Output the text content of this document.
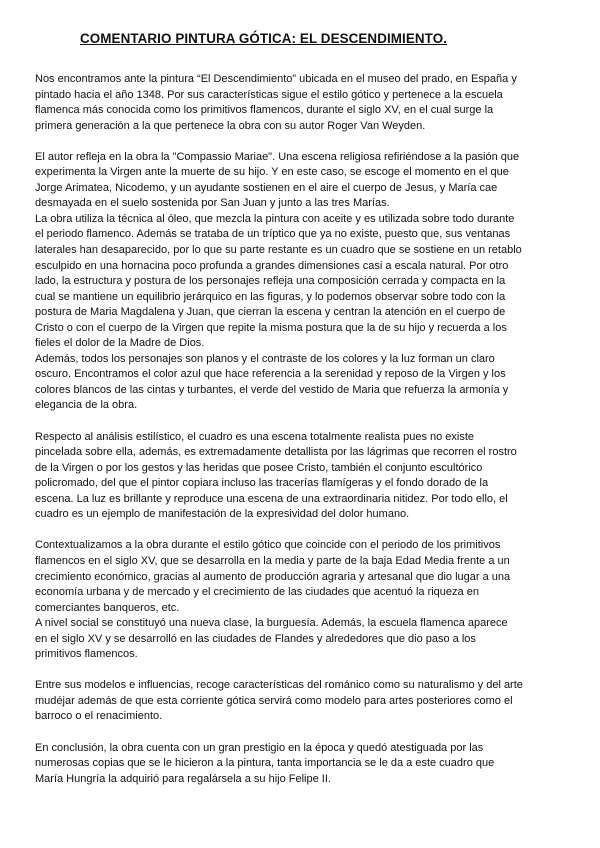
COMENTARIO PINTURA GÓTICA: EL DESCENDIMIENTO.
Nos encontramos ante la pintura “El Descendimiento” ubicada en el museo del prado, en España y
pintado hacia el año 1348. Por sus características sigue el estilo gótico y pertenece a la escuela
flamenca más conocida como los primitivos flamencos, durante el siglo XV, en el cual surge la
primera generación a la que pertenece la obra con su autor Roger Van Weyden.
El autor refleja en la obra la "Compassio Mariae". Una escena religiosa refiriéndose a la pasión que
experimenta la Virgen ante la muerte de su hijo. Y en este caso, se escoge el momento en el que
Jorge Arimatea, Nicodemo, y un ayudante sostienen en el aire el cuerpo de Jesus, y María cae
desmayada en el suelo sostenida por San Juan y junto a las tres Marías.
La obra utiliza la técnica al óleo, que mezcla la pintura con aceite y es utilizada sobre todo durante
el periodo flamenco. Además se trataba de un tríptico que ya no existe, puesto que, sus ventanas
laterales han desaparecido, por lo que su parte restante es un cuadro que se sostiene en un retablo
esculpido en una hornacina poco profunda a grandes dimensiones casi a escala natural. Por otro
lado, la estructura y postura de los personajes refleja una composición cerrada y compacta en la
cual se mantiene un equilibrio jerárquico en las figuras, y lo podemos observar sobre todo con la
postura de Maria Magdalena y Juan, que cierran la escena y centran la atención en el cuerpo de
Cristo o con el cuerpo de la Virgen que repite la misma postura que la de su hijo y recuerda a los
fieles el dolor de la Madre de Dios.
Además, todos los personajes son planos y el contraste de los colores y la luz forman un claro
oscuro. Encontramos el color azul que hace referencia a la serenidad y reposo de la Virgen y los
colores blancos de las cintas y turbantes, el verde del vestido de Maria que refuerza la armonía y
elegancia de la obra.
Respecto al análisis estilístico, el cuadro es una escena totalmente realista pues no existe
pincelada sobre ella, además, es extremadamente detallista por las lágrimas que recorren el rostro
de la Virgen o por los gestos y las heridas que posee Cristo, también el conjunto escultórico
policromado, del que el pintor copiara incluso las tracerías flamígeras y el fondo dorado de la
escena. La luz es brillante y reproduce una escena de una extraordinaria nitidez. Por todo ello, el
cuadro es un ejemplo de manifestación de la expresividad del dolor humano.
Contextualizamos a la obra durante el estilo gótico que coincide con el periodo de los primitivos
flamencos en el siglo XV, que se desarrolla en la media y parte de la baja Edad Media frente a un
crecimiento económico, gracias al aumento de producción agraria y artesanal que dio lugar a una
economía urbana y de mercado y el crecimiento de las ciudades que acentuó la riqueza en
comerciantes banqueros, etc.
A nivel social se constituyó una nueva clase, la burguesía. Además, la escuela flamenca aparece
en el siglo XV y se desarrolló en las ciudades de Flandes y alrededores que dio paso a los
primitivos flamencos.
Entre sus modelos e influencias, recoge características del románico como su naturalismo y del arte
mudéjar además de que esta corriente gótica servirá como modelo para artes posteriores como el
barroco o el renacimiento.
En conclusión, la obra cuenta con un gran prestigio en la época y quedó atestiguada por las
numerosas copias que se le hicieron a la pintura, tanta importancia se le da a este cuadro que
María Hungría la adquirió para regalársela a su hijo Felipe II.
